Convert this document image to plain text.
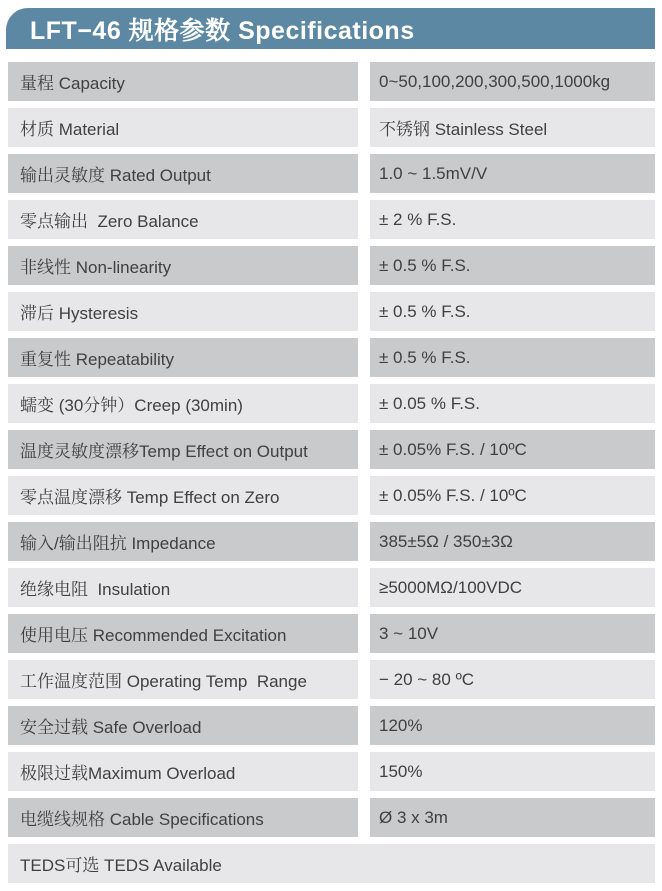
LFT−46 规格参数 Specifications
量程 Capacity	0~50,100,200,300,500,1000kg
材质 Material	不锈钢 Stainless Steel
输出灵敏度 Rated Output	1.0 ~ 1.5mV/V
零点输出  Zero Balance	± 2 % F.S.
非线性 Non-linearity	± 0.5 % F.S.
滞后 Hysteresis	± 0.5 % F.S.
重复性 Repeatability	± 0.5 % F.S.
蠕变 (30分钟）Creep (30min)	± 0.05 % F.S.
温度灵敏度漂移Temp Effect on Output	± 0.05% F.S. / 10ºC
零点温度漂移 Temp Effect on Zero	± 0.05% F.S. / 10ºC
输入/输出阻抗 Impedance	385±5Ω / 350±3Ω
绝缘电阻  Insulation	≥5000MΩ/100VDC
使用电压 Recommended Excitation	3 ~ 10V
工作温度范围 Operating Temp  Range	− 20 ~ 80 ºC
安全过载 Safe Overload	120%
极限过载Maximum Overload	150%
电缆线规格 Cable Specifications	Ø 3 x 3m
TEDS可选 TEDS Available
